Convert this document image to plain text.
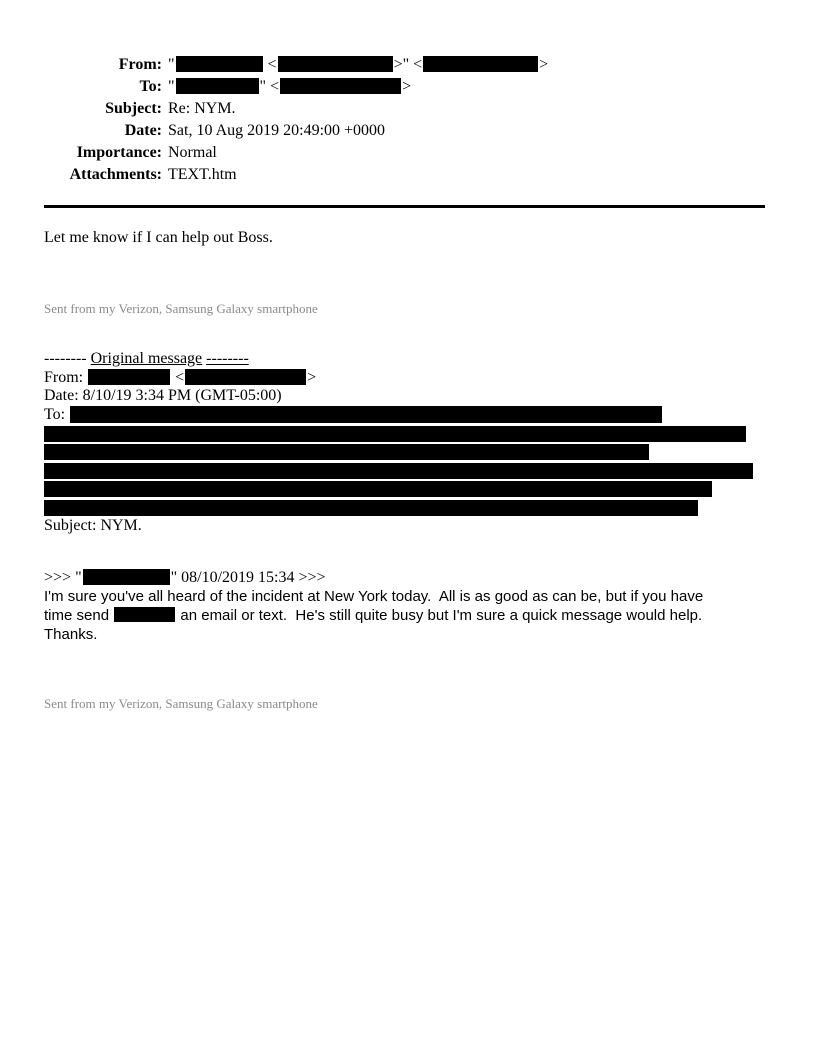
From: "	<	>" <	>
To: "	" <	>
Subject: Re: NYM.
Date: Sat, 10 Aug 2019 20:49:00 +0000
Importance: Normal
Attachments: TEXT.htm

Let me know if I can help out Boss.

Sent from my Verizon, Samsung Galaxy smartphone

-------- Original message --------
From:	<	>
Date: 8/10/19 3:34 PM (GMT-05:00)
To:
Subject: NYM.
>>> "	" 08/10/2019 15:34 >>>
I'm sure you've all heard of the incident at New York today.  All is as good as can be, but if you have
time send	an email or text.  He's still quite busy but I'm sure a quick message would help.
Thanks.

Sent from my Verizon, Samsung Galaxy smartphone
